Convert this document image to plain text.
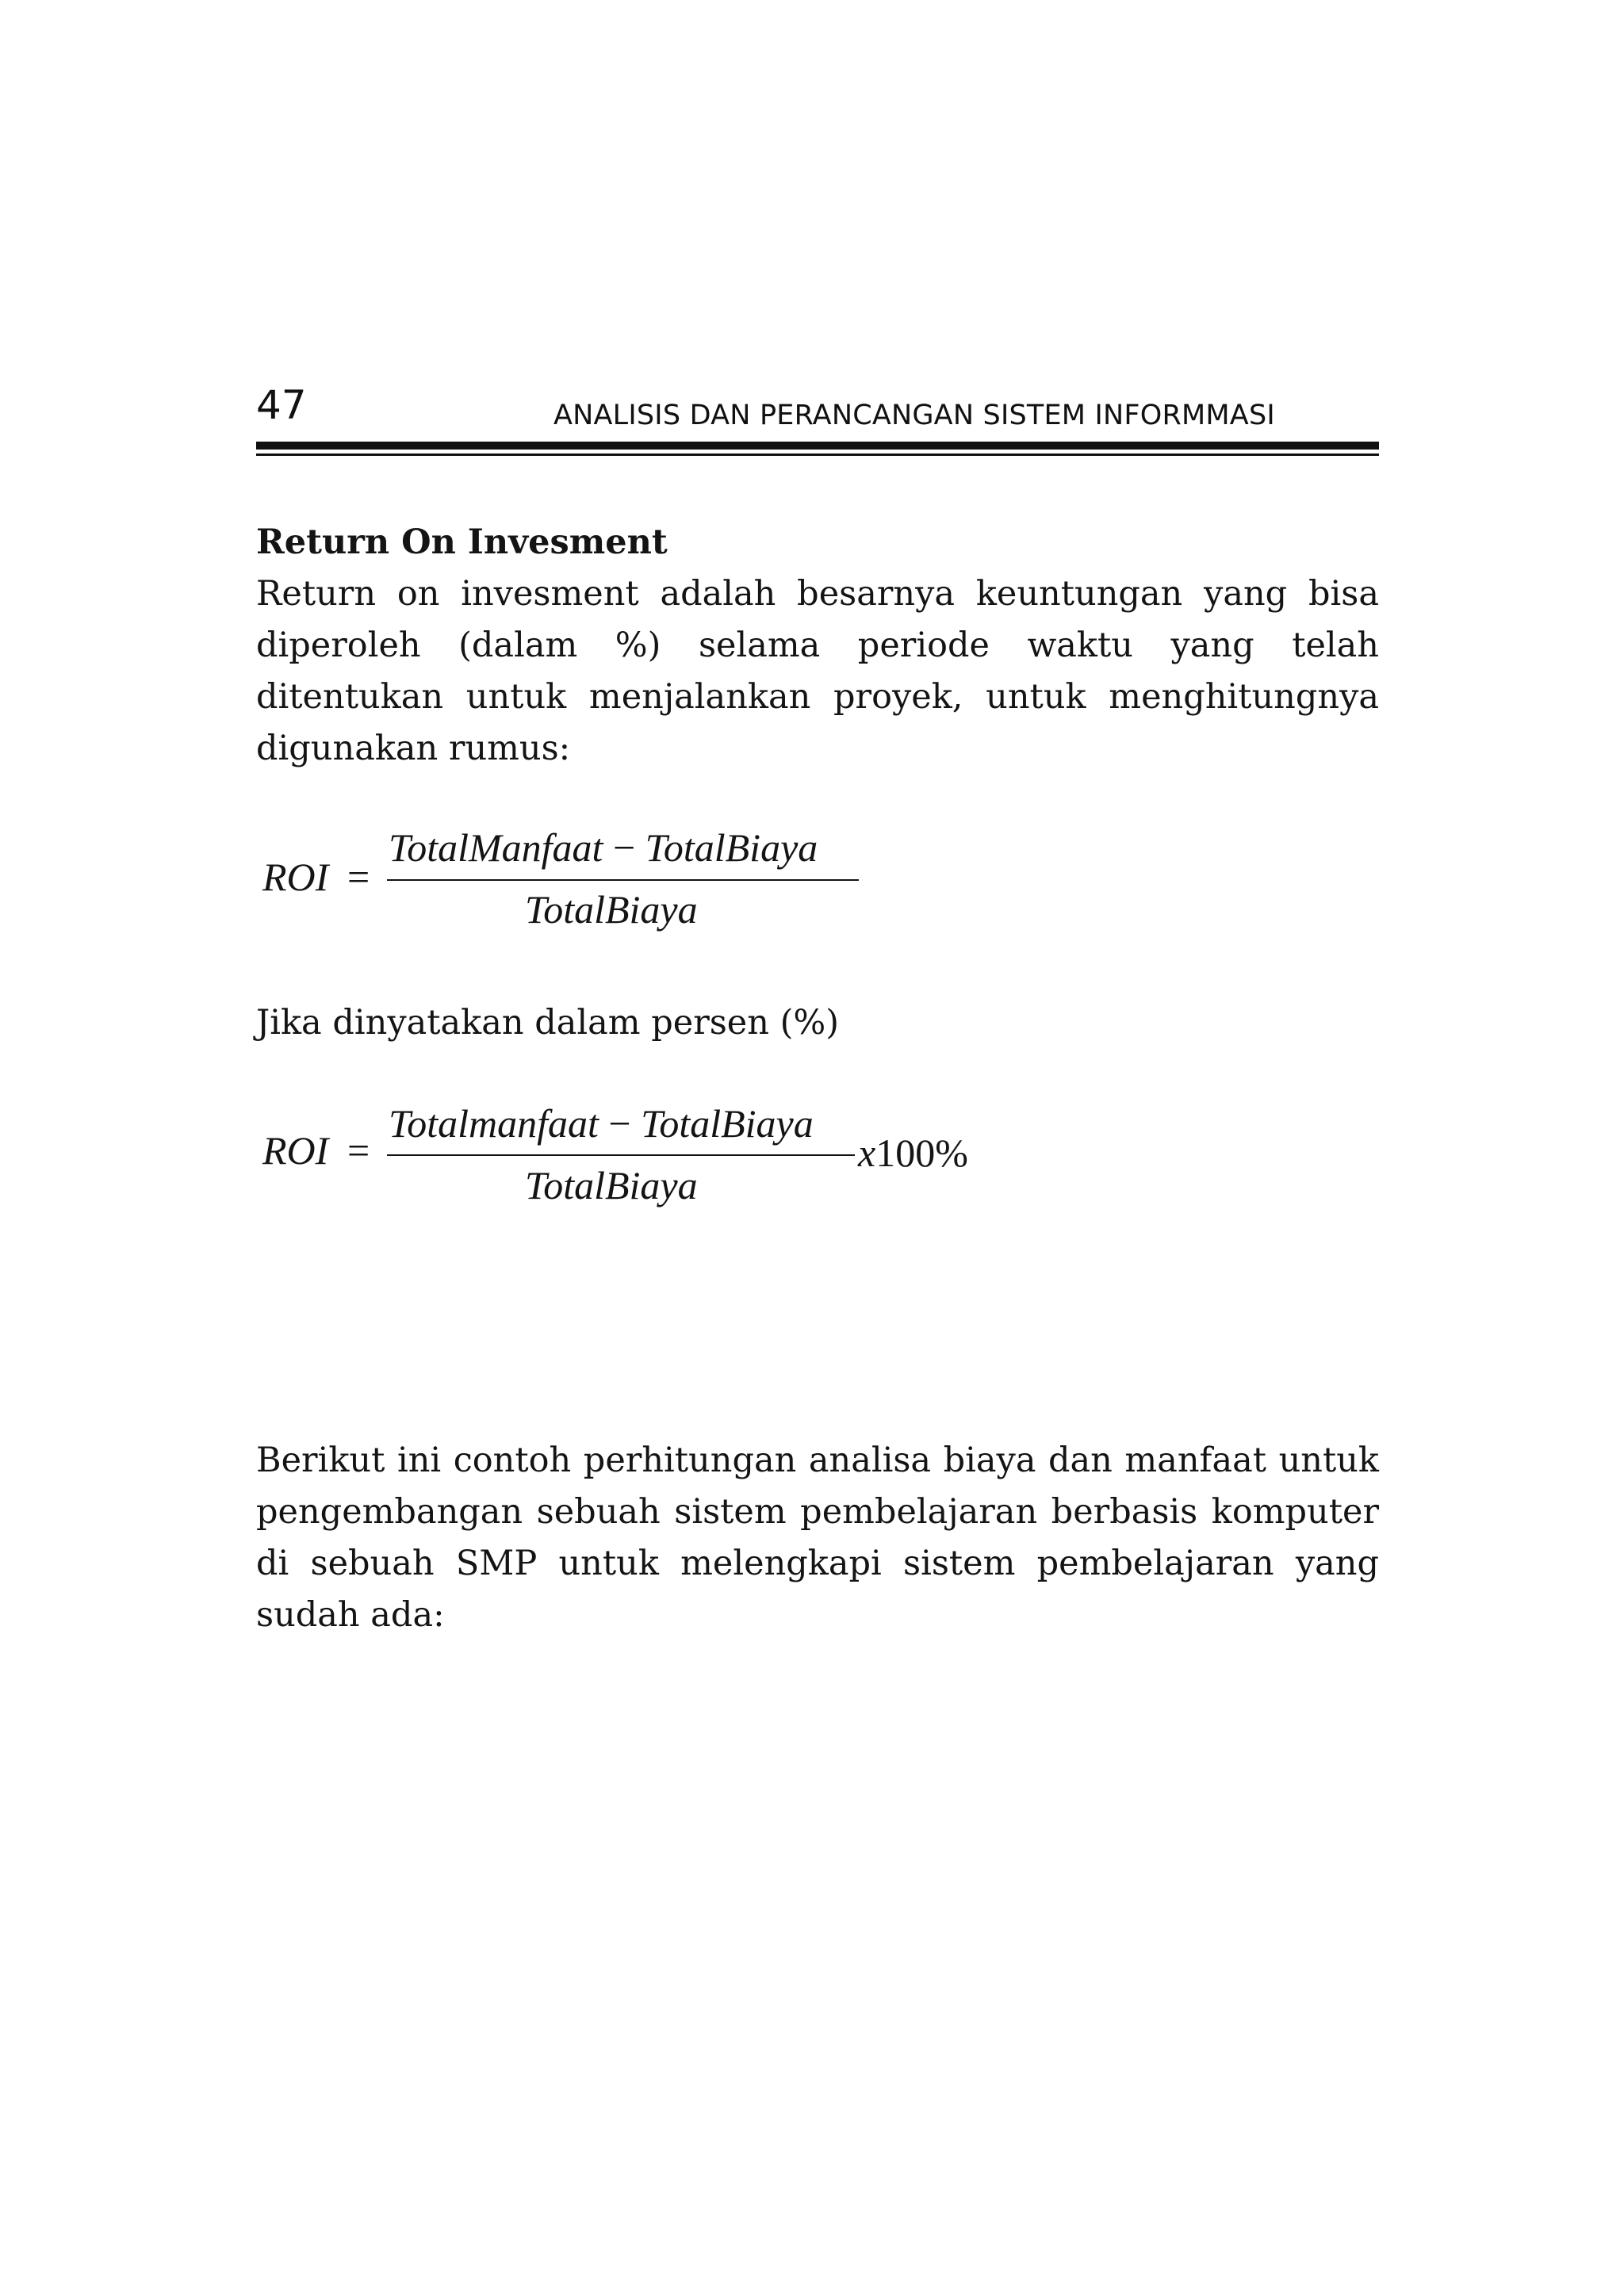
47	ANALISIS DAN PERANCANGAN SISTEM INFORMMASI
Return On Invesment
Return on invesment adalah besarnya keuntungan yang bisa diperoleh (dalam %) selama periode waktu yang telah ditentukan untuk menjalankan proyek, untuk menghitungnya digunakan rumus:
ROI =
TotalManfaat − TotalBiaya
TotalBiaya
Jika dinyatakan dalam persen (%)
ROI =
Totalmanfaat − TotalBiaya
TotalBiaya
x100%
Berikut ini contoh perhitungan analisa biaya dan manfaat untuk pengembangan sebuah sistem pembelajaran berbasis komputer di sebuah SMP untuk melengkapi sistem pembelajaran yang sudah ada:
